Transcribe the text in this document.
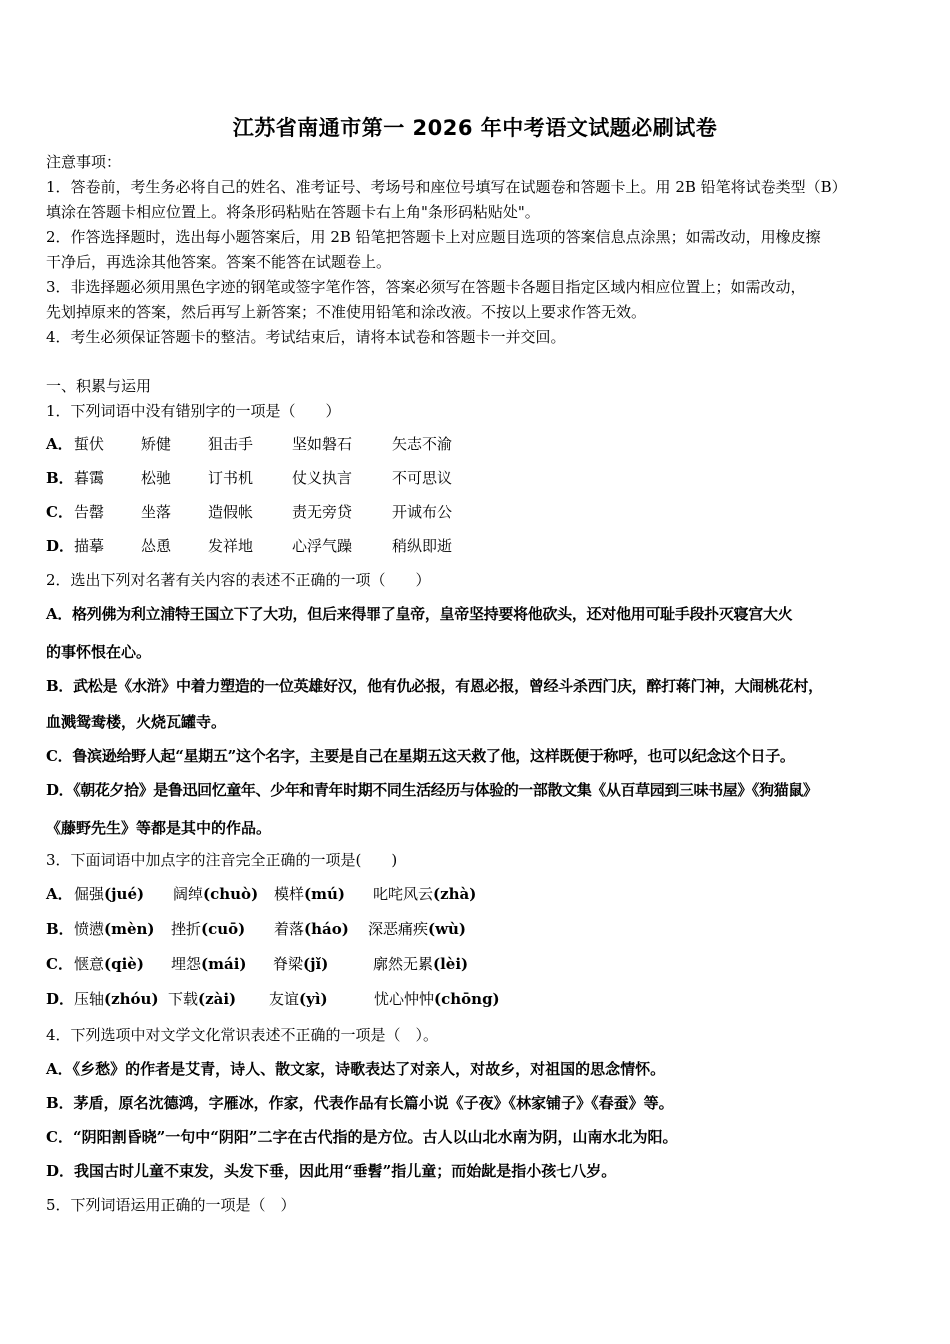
江苏省南通市第一 2026 年中考语文试题必刷试卷
注意事项：
1．答卷前，考生务必将自己的姓名、准考证号、考场号和座位号填写在试题卷和答题卡上。用 2B 铅笔将试卷类型（B）
填涂在答题卡相应位置上。将条形码粘贴在答题卡右上角"条形码粘贴处"。
2．作答选择题时，选出每小题答案后，用 2B 铅笔把答题卡上对应题目选项的答案信息点涂黑；如需改动，用橡皮擦
干净后，再选涂其他答案。答案不能答在试题卷上。
3．非选择题必须用黑色字迹的钢笔或签字笔作答，答案必须写在答题卡各题目指定区域内相应位置上；如需改动，
先划掉原来的答案，然后再写上新答案；不准使用铅笔和涂改液。不按以上要求作答无效。
4．考生必须保证答题卡的整洁。考试结束后，请将本试卷和答题卡一并交回。
一、积累与运用
1．下列词语中没有错别字的一项是（　　）
A． 蜇伏 矫健 狙击手	坚如磐石	矢志不渝
B． 暮霭 松驰 订书机	仗义执言	不可思议
C． 告罄 坐落 造假帐	责无旁贷	开诚布公
D． 描摹 怂恿 发祥地	心浮气躁	稍纵即逝
2．选出下列对名著有关内容的表述不正确的一项（　　）
A．格列佛为利立浦特王国立下了大功，但后来得罪了皇帝，皇帝坚持要将他砍头，还对他用可耻手段扑灭寝宫大火
的事怀恨在心。
B．武松是《水浒》中着力塑造的一位英雄好汉，他有仇必报，有恩必报，曾经斗杀西门庆，醉打蒋门神，大闹桃花村，
血溅鸳鸯楼，火烧瓦罐寺。
C．鲁滨逊给野人起“星期五”这个名字，主要是自己在星期五这天救了他，这样既便于称呼，也可以纪念这个日子。
D．《朝花夕拾》是鲁迅回忆童年、少年和青年时期不同生活经历与体验的一部散文集《从百草园到三味书屋》《狗猫鼠》
《藤野先生》等都是其中的作品。
3．下面词语中加点字的注音完全正确的一项是(　　)
A． 倔强(jué) 阔绰(chuò) 模样(mú) 叱咤风云(zhà)
B． 愤懑(mèn) 挫折(cuō) 着落(háo) 深恶痛疾(wù)
C． 惬意(qiè) 埋怨(mái) 脊梁(jǐ)	廓然无累(lèi)
D． 压轴(zhóu) 下载(zài) 友谊(yì)	忧心忡忡(chōng)
4．下列选项中对文学文化常识表述不正确的一项是（　）。
A．《乡愁》的作者是艾青，诗人、散文家，诗歌表达了对亲人，对故乡，对祖国的思念情怀。
B．茅盾，原名沈德鸿，字雁冰，作家，代表作品有长篇小说《子夜》《林家铺子》《春蚕》等。
C．“阴阳割昏晓”一句中“阴阳”二字在古代指的是方位。古人以山北水南为阴，山南水北为阳。
D．我国古时儿童不束发，头发下垂，因此用“垂髫”指儿童；而始龀是指小孩七八岁。
5．下列词语运用正确的一项是（　）
